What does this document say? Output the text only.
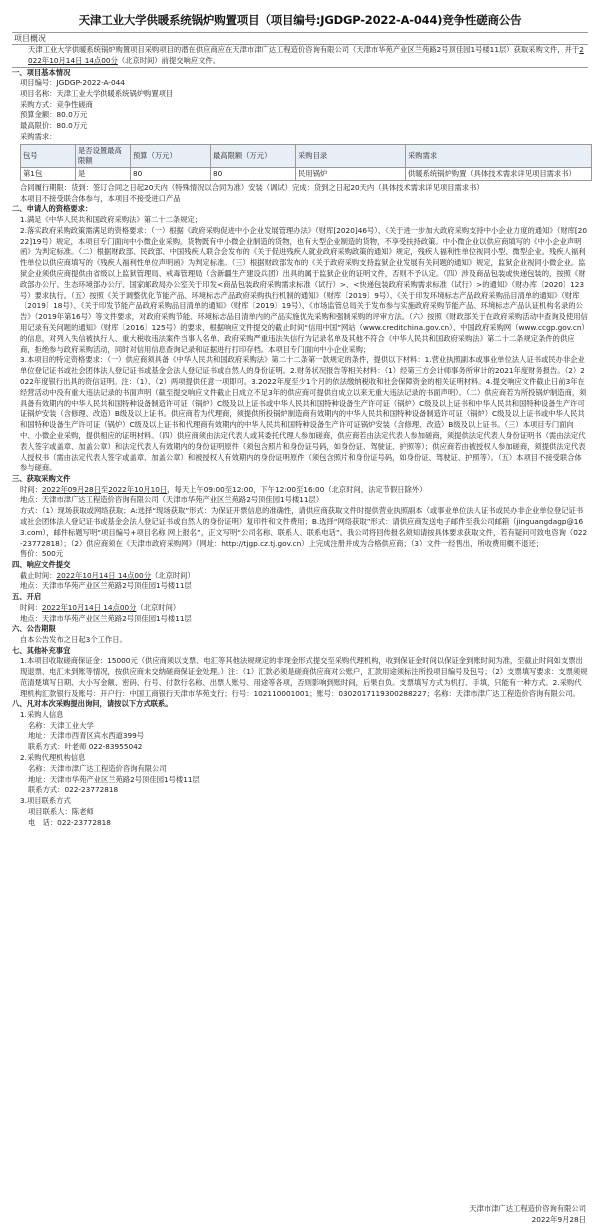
天津工业大学供暖系统锅炉购置项目（项目编号:JGDGP-2022-A-044)竞争性磋商公告
项目概况

天津工业大学供暖系统锅炉购置项目采购项目的潜在供应商应在天津市津广达工程造价咨询有限公司（天津市华苑产业区兰苑路2号顶佳园1号楼11层）获取采购文件，并于2022年10月14日 14点00分（北京时间）前提交响应文件。

一、项目基本情况

项目编号：JGDGP-2022-A-044

项目名称：天津工业大学供暖系统锅炉购置项目

采购方式：竞争性磋商

预算金额：80.0万元

最高限价：80.0万元

采购需求：

包号	是否设置最高限额	预算（万元）	最高限额（万元）	采购目录	采购需求
第1包	是	80	80	民用锅炉	供暖系统锅炉购置（具体技术需求详见项目需求书）

合同履行期限：货到：签订合同之日起20天内（特殊情况以合同为准）安装（调试）完成：货到之日起20天内（具体技术需求详见项目需求书）

本项目不接受联合体参与，本项目不接受进口产品

二、申请人的资格要求：

1.满足《中华人民共和国政府采购法》第二十二条规定；

2.落实政府采购政策需满足的资格要求：（一）根据《政府采购促进中小企业发展管理办法》（财库[2020]46号）、《关于进一步加大政府采购支持中小企业力度的通知》（财库[2022]19号）规定，本项目专门面向中小微企业采购。货物既有中小微企业制造的货物，也有大型企业制造的货物，不享受扶持政策。中小微企业以供应商填写的《中小企业声明函》为判定标准。（二）根据财政部、民政部、中国残疾人联合会发布的《关于促进残疾人就业政府采购政策的通知》规定，残疾人福利性单位视同小型、微型企业。残疾人福利性单位以供应商填写的《残疾人福利性单位声明函》为判定标准。（三）根据财政部发布的《关于政府采购支持监狱企业发展有关问题的通知》规定，监狱企业视同小微企业。监狱企业须供应商提供由省级以上监狱管理局、戒毒管理局（含新疆生产建设兵团）出具的属于监狱企业的证明文件，否则不予认定。（四）涉及商品包装或快递包装的，按照《财政部办公厅、生态环境部办公厅、国家邮政局办公室关于印发<商品包装政府采购需求标准（试行）>、<快递包装政府采购需求标准（试行）>的通知》（财办库〔2020〕123号）要求执行。（五）按照《关于调整优化节能产品、环境标志产品政府采购执行机制的通知》（财库〔2019〕9号）、《关于印发环境标志产品政府采购品目清单的通知》（财库〔2019〕18号）、《关于印发节能产品政府采购品目清单的通知》（财库〔2019〕19号）、《市场监管总局关于发布参与实施政府采购节能产品、环境标志产品认证机构名录的公告》（2019年第16号）等文件要求，对政府采购节能、环境标志品目清单内的产品实施优先采购和强制采购的评审方法。（六）按照《财政部关于在政府采购活动中查询及使用信用记录有关问题的通知》（财库〔2016〕125号）的要求，根据响应文件提交的截止时间“信用中国”网站（www.creditchina.gov.cn）、中国政府采购网（www.ccgp.gov.cn）的信息，对列入失信被执行人、重大税收违法案件当事人名单、政府采购严重违法失信行为记录名单及其他不符合《中华人民共和国政府采购法》第二十二条规定条件的供应商，拒绝参与政府采购活动，同时对信用信息查询记录和证据进行打印存档。本项目专门面向中小企业采购；

3.本项目的特定资格要求：（一）供应商须具备《中华人民共和国政府采购法》第二十二条第一款规定的条件，提供以下材料：1.营业执照副本或事业单位法人证书或民办非企业单位登记证书或社会团体法人登记证书或基金会法人登记证书或自然人的身份证明。2.财务状况报告等相关材料：（1）经第三方会计师事务所审计的2021年度财务报告。（2）2022年度银行出具的资信证明。注：（1）、（2）两项提供任意一项即可。3.2022年度至少1个月的依法缴纳税收和社会保障资金的相关证明材料。4.提交响应文件截止日前3年在经营活动中没有重大违法记录的书面声明（截至提交响应文件截止日成立不足3年的供应商可提供自成立以来无重大违法记录的书面声明）。（二）供应商若为所投锅炉制造商，须具备有效期内的中华人民共和国特种设备制造许可证（锅炉）C级及以上证书或中华人民共和国特种设备生产许可证（锅炉）C级及以上证书和中华人民共和国特种设备生产许可证锅炉安装（含修理、改造）B级及以上证书。供应商若为代理商，须提供所投锅炉制造商有效期内的中华人民共和国特种设备制造许可证（锅炉）C级及以上证书或中华人民共和国特种设备生产许可证（锅炉）C级及以上证书和代理商有效期内的中华人民共和国特种设备生产许可证锅炉安装（含修理、改造）B级及以上证书。（三）本项目专门面向中、小微企业采购，提供相应的证明材料。（四）供应商须由法定代表人或其委托代理人参加磋商，供应商若由法定代表人参加磋商，须提供法定代表人身份证明书（需由法定代表人签字或盖章、加盖公章）和法定代表人有效期内的身份证明原件（须包含照片和身份证号码，如身份证、驾驶证、护照等）；供应商若由被授权人参加磋商，须提供法定代表人授权书（需由法定代表人签字或盖章、加盖公章）和被授权人有效期内的身份证明原件（须包含照片和身份证号码，如身份证、驾驶证、护照等）。（五）本项目不接受联合体参与磋商。

三、获取采购文件

时间：2022年09月28日至2022年10月10日，每天上午09:00至12:00，下午12:00至16:00（北京时间，法定节假日除外）

地点：天津市津广达工程造价咨询有限公司（天津市华苑产业区兰苑路2号顶佳园1号楼11层）

方式：（1）现场获取或网络获取；A:选择“现场获取”形式：为保证开票信息的准确性，请供应商获取文件时提供营业执照副本（或事业单位法人证书或民办非企业单位登记证书或社会团体法人登记证书或基金会法人登记证书或自然人的身份证明）复印件和文件费用；B.选择“网络获取”形式：请供应商发送电子邮件至我公司邮箱（jinguangdagp@163.com），邮件标题写明“项目编号+项目名称 网上报名”，正文写明“公司名称、联系人、联系电话”。我公司将回传报名须知请按具体要求获取文件，若有疑问可致电咨询（022-23772818）；（2）供应商须在《天津市政府采购网》（网址：http://tjgp.cz.tj.gov.cn）上完成注册并成为合格供应商；（3）文件一经售出，所收费用概不退还；

售价：500元

四、响应文件提交

截止时间：2022年10月14日 14点00分（北京时间）

地点：天津市华苑产业区兰苑路2号顶佳园1号楼11层

五、开启

时间：2022年10月14日 14点00分（北京时间）

地点：天津市华苑产业区兰苑路2号顶佳园1号楼11层

六、公告期限

自本公告发布之日起3个工作日。

七、其他补充事宜

1.本项目收取磋商保证金：15000元（供应商须以支票、电汇等其他法规规定的非现金形式提交至采购代理机构，收到保证金时间以保证金到账时间为准，至截止时间如支票出现退票、电汇未到账等情况，按供应商未交纳磋商保证金处理。）注：（1）汇款必须是磋商供应商对公账户，汇款用途须标注所投项目编号及包号；（2）支票填写要求：支票须规范清楚填写日期、大小写金额、密码、行号、付款行名称、出票人账号、用途等各项，否则影响到账时间，后果自负。支票填写方式为机打、手填，只能有一种方式。2.采购代理机构汇款银行及账号：开户行：中国工商银行天津市华苑支行；行号：102110001001；账号：0302017119300288227；名称：天津市津广达工程造价咨询有限公司。

八、凡对本次采购提出询问，请按以下方式联系。

1.采购人信息

名称：天津工业大学

地址：天津市西青区宾水西道399号

联系方式：叶老师 022-83955042

2.采购代理机构信息

名称：天津市津广达工程造价咨询有限公司

地址：天津市华苑产业区兰苑路2号顶佳园1号楼11层

联系方式：022-23772818

3.项目联系方式

项目联系人：陈老师

电　话：022-23772818

天津市津广达工程造价咨询有限公司
2022年9月28日
